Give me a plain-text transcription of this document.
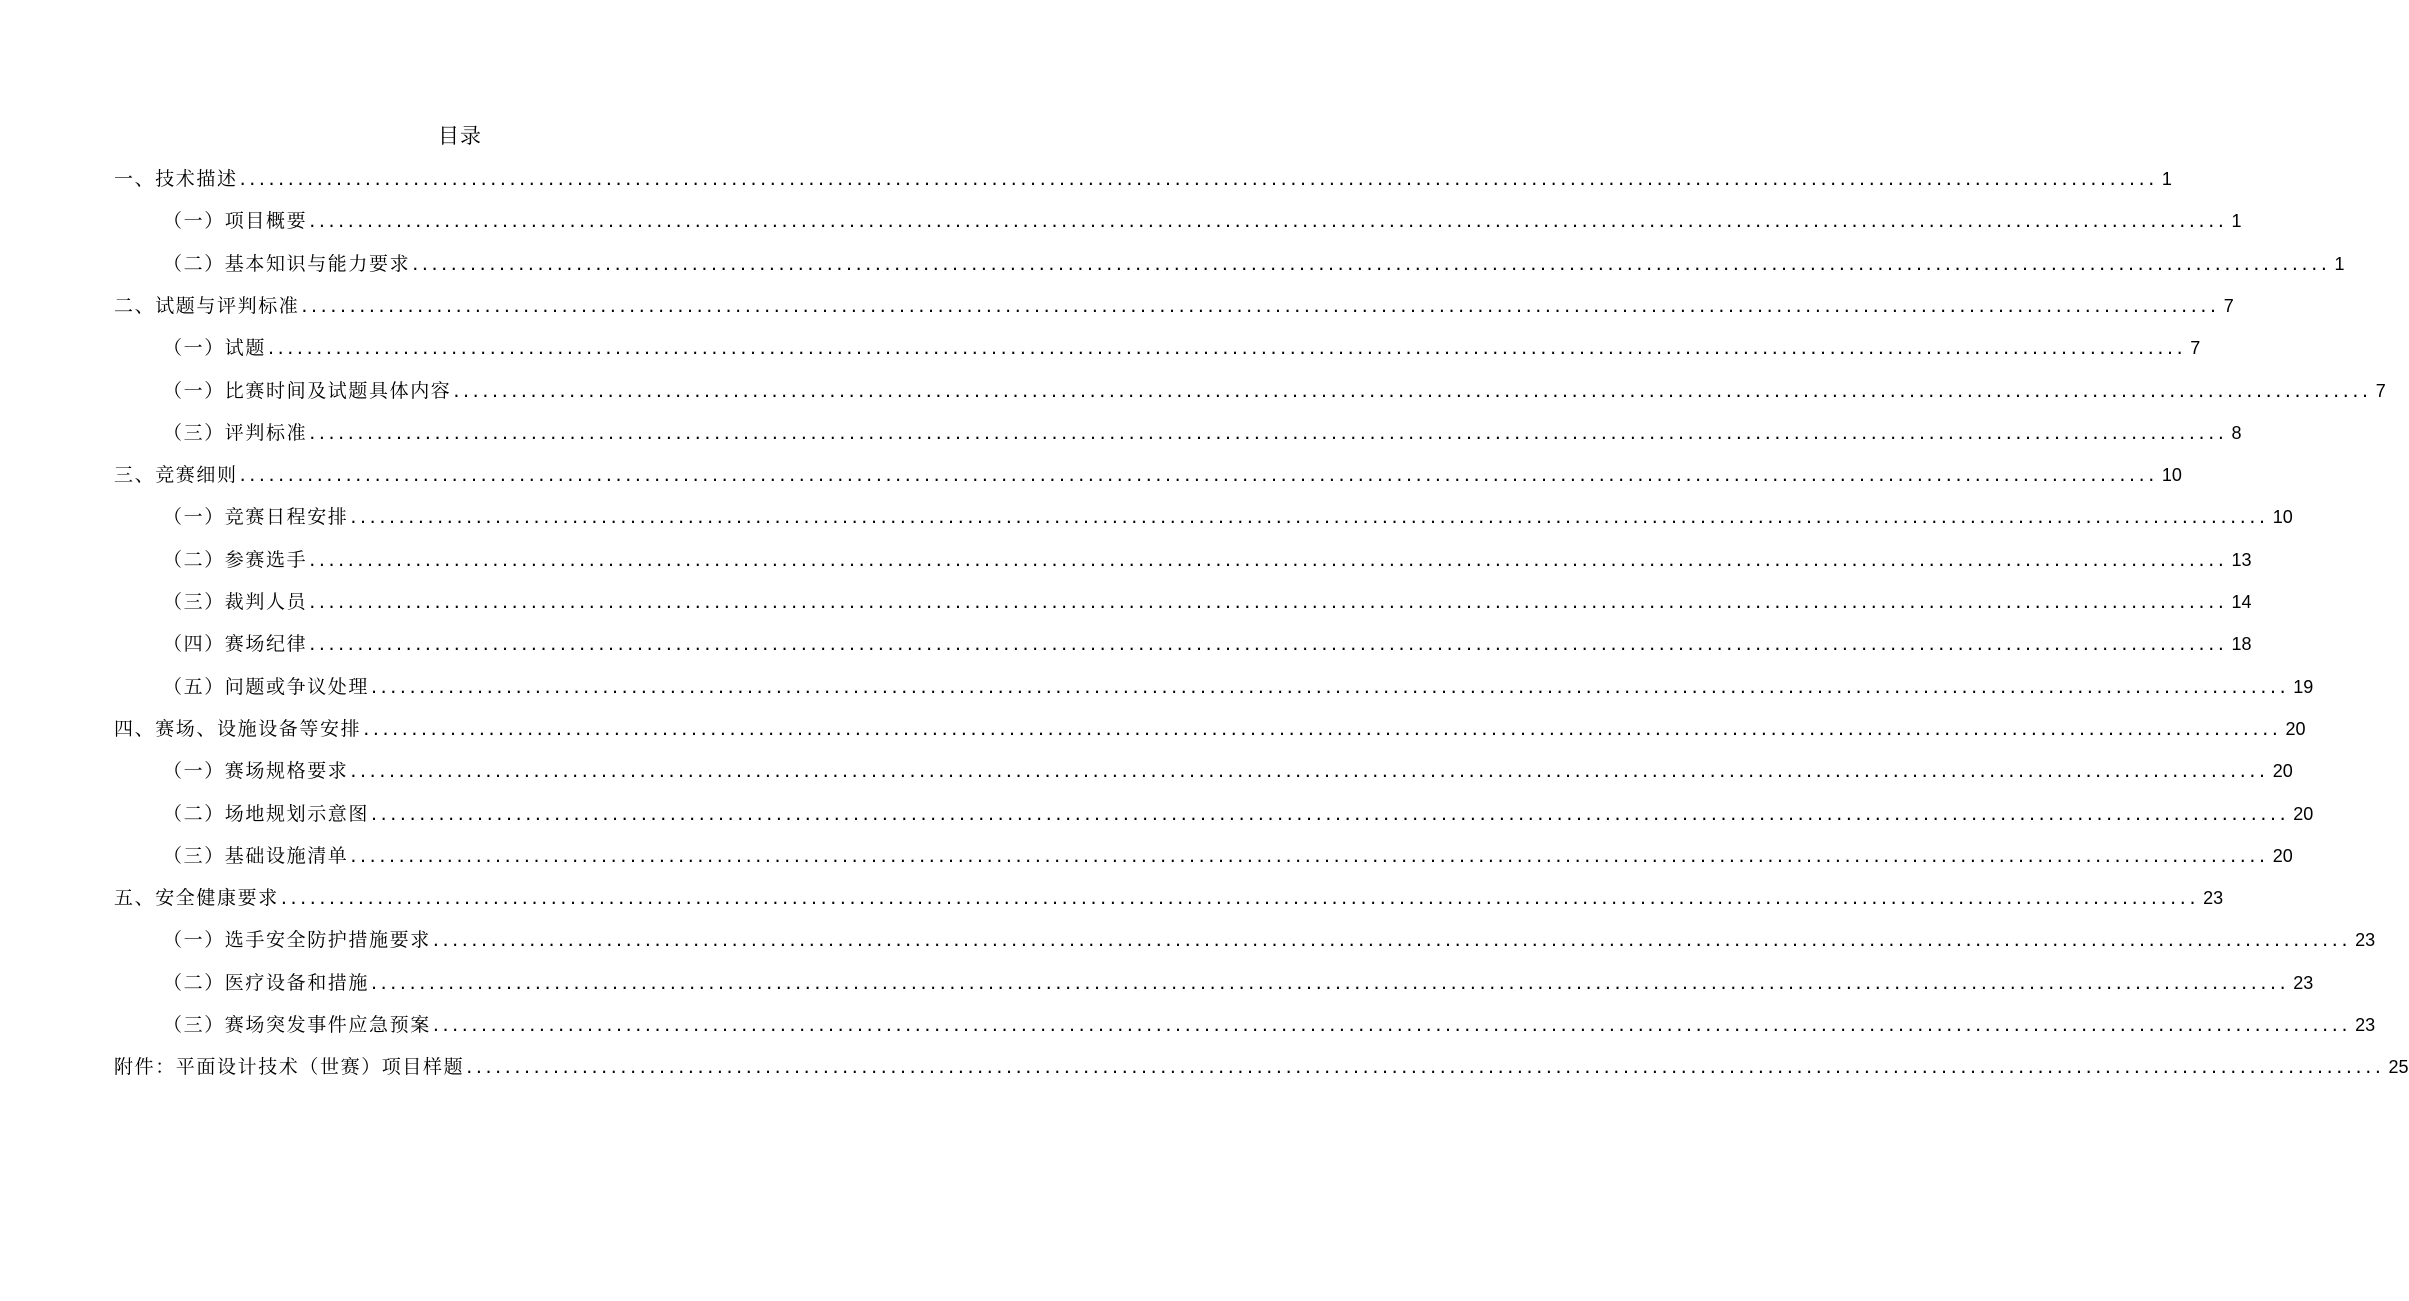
目录
一、技术描述 ....................................................................................................................................................................................................... 1
（一）项目概要 ....................................................................................................................................................................................................... 1
（二）基本知识与能力要求 ....................................................................................................................................................................................................... 1
二、试题与评判标准 ....................................................................................................................................................................................................... 7
（一）试题 ....................................................................................................................................................................................................... 7
（一）比赛时间及试题具体内容 ....................................................................................................................................................................................................... 7
（三）评判标准 ....................................................................................................................................................................................................... 8
三、竞赛细则 ....................................................................................................................................................................................................... 10
（一）竞赛日程安排 ....................................................................................................................................................................................................... 10
（二）参赛选手 ....................................................................................................................................................................................................... 13
（三）裁判人员 ....................................................................................................................................................................................................... 14
（四）赛场纪律 ....................................................................................................................................................................................................... 18
（五）问题或争议处理 ....................................................................................................................................................................................................... 19
四、赛场、设施设备等安排 ....................................................................................................................................................................................................... 20
（一）赛场规格要求 ....................................................................................................................................................................................................... 20
（二）场地规划示意图 ....................................................................................................................................................................................................... 20
（三）基础设施清单 ....................................................................................................................................................................................................... 20
五、安全健康要求 ....................................................................................................................................................................................................... 23
（一）选手安全防护措施要求 ....................................................................................................................................................................................................... 23
（二）医疗设备和措施 ....................................................................................................................................................................................................... 23
（三）赛场突发事件应急预案 ....................................................................................................................................................................................................... 23
附件：平面设计技术（世赛）项目样题 ....................................................................................................................................................................................................... 25
